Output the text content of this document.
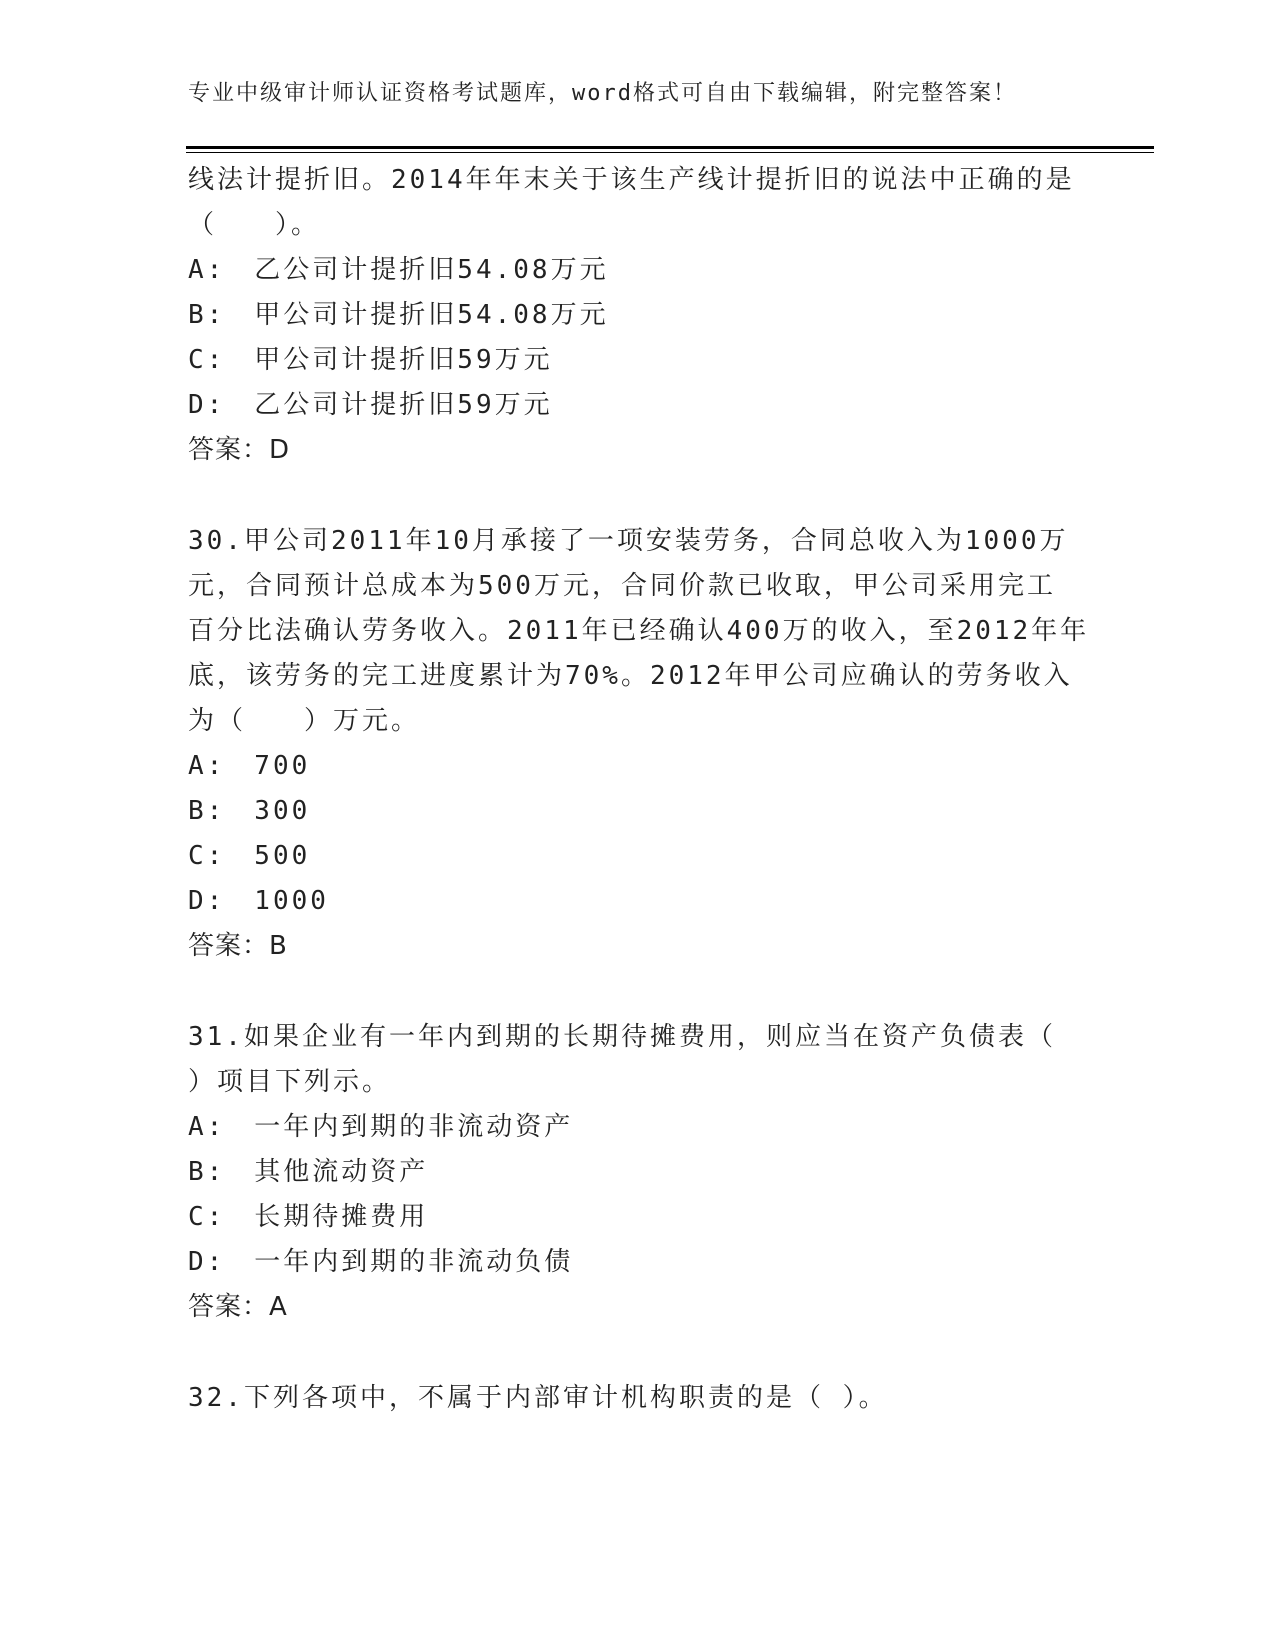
专业中级审计师认证资格考试题库，word格式可自由下载编辑，附完整答案！
线法计提折旧。2014年年末关于该生产线计提折旧的说法中正确的是
（　　）。
A:　乙公司计提折旧54.08万元
B:　甲公司计提折旧54.08万元
C:　甲公司计提折旧59万元
D:　乙公司计提折旧59万元
答案：D
30.甲公司2011年10月承接了一项安装劳务，合同总收入为1000万
元，合同预计总成本为500万元，合同价款已收取，甲公司采用完工
百分比法确认劳务收入。2011年已经确认400万的收入，至2012年年
底，该劳务的完工进度累计为70%。2012年甲公司应确认的劳务收入
为（　　）万元。
A:　700
B:　300
C:　500
D:　1000
答案：B
31.如果企业有一年内到期的长期待摊费用，则应当在资产负债表（
）项目下列示。
A:　一年内到期的非流动资产
B:　其他流动资产
C:　长期待摊费用
D:　一年内到期的非流动负债
答案：A
32.下列各项中，不属于内部审计机构职责的是（ ）。
